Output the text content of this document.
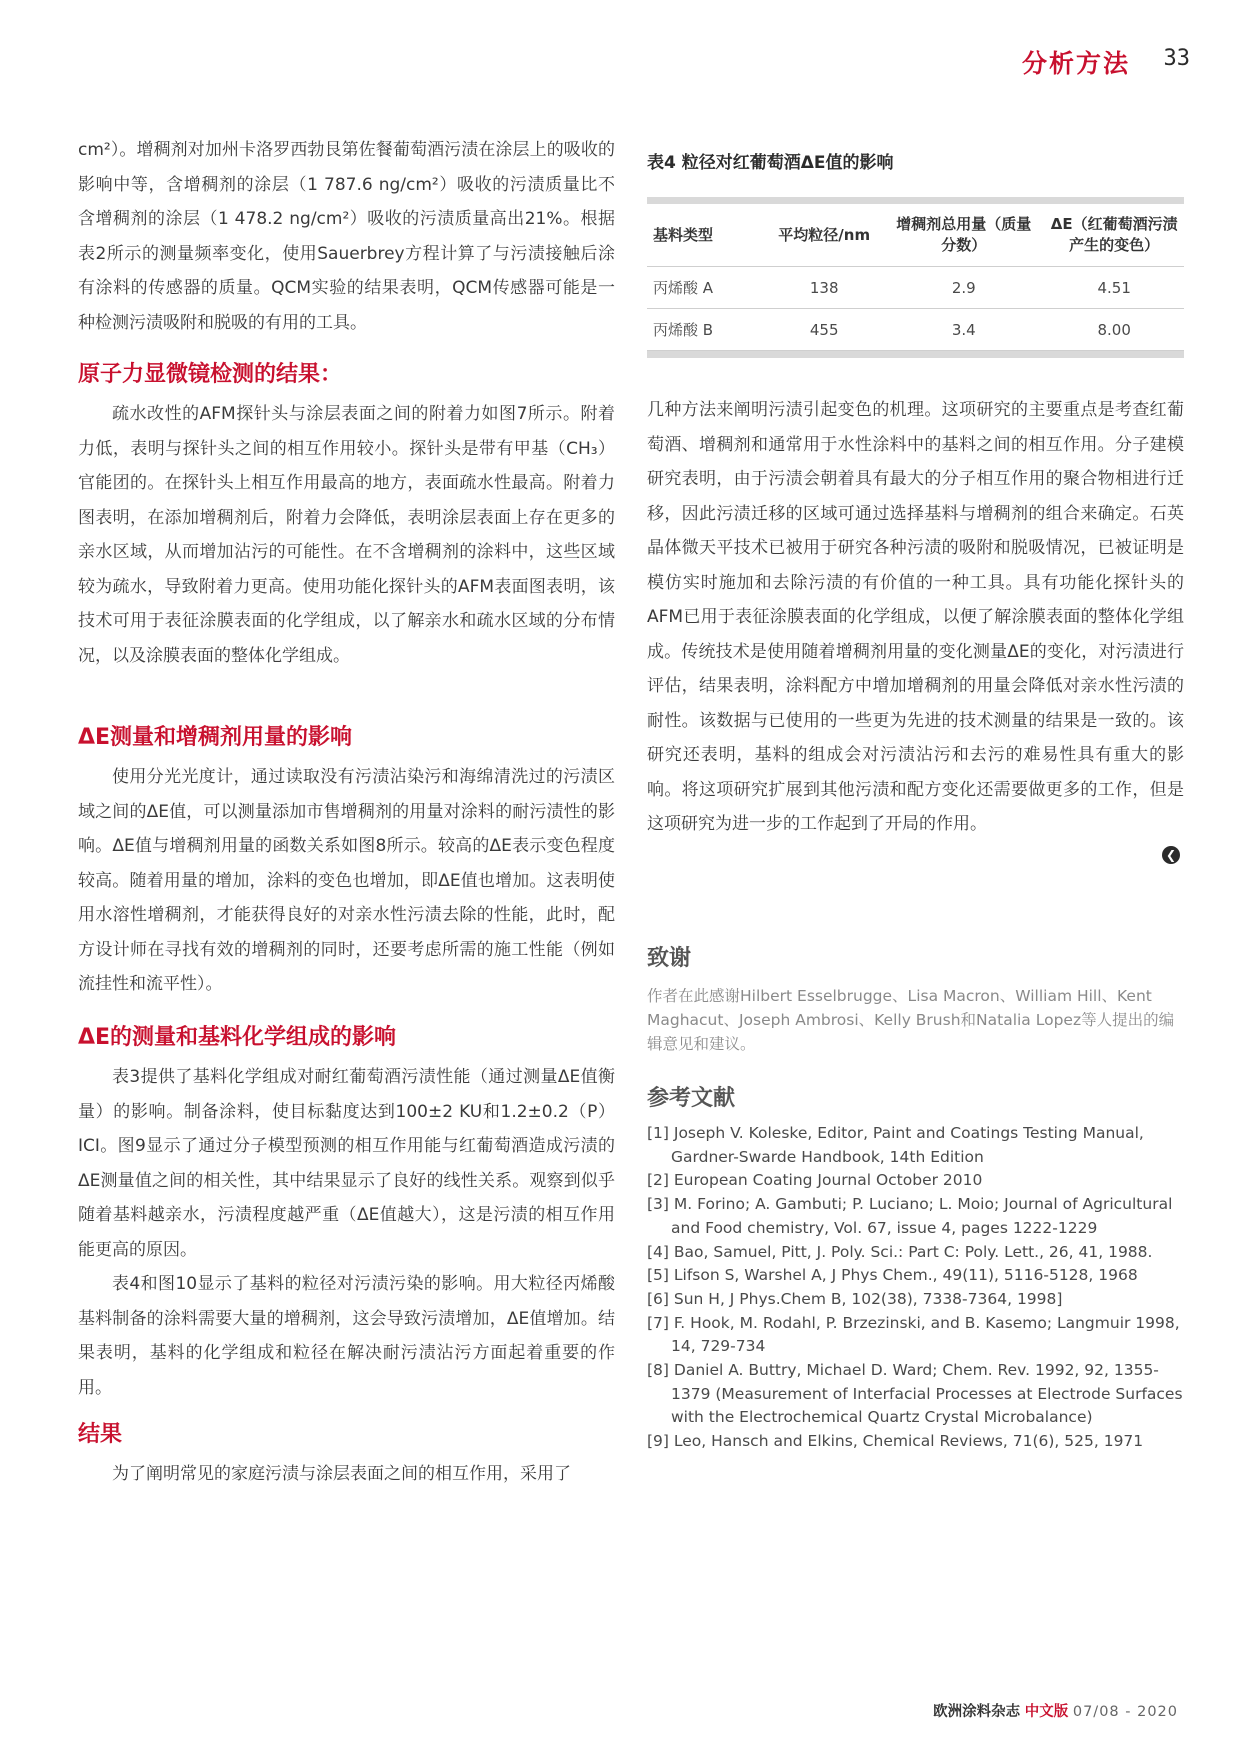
分析方法 33

cm²）。增稠剂对加州卡洛罗西勃艮第佐餐葡萄酒污渍在涂层上的吸收的影响中等，含增稠剂的涂层（1 787.6 ng/cm²）吸收的污渍质量比不含增稠剂的涂层（1 478.2 ng/cm²）吸收的污渍质量高出21%。根据表2所示的测量频率变化，使用Sauerbrey方程计算了与污渍接触后涂有涂料的传感器的质量。QCM实验的结果表明，QCM传感器可能是一种检测污渍吸附和脱吸的有用的工具。

原子力显微镜检测的结果：

疏水改性的AFM探针头与涂层表面之间的附着力如图7所示。附着力低，表明与探针头之间的相互作用较小。探针头是带有甲基（CH₃）官能团的。在探针头上相互作用最高的地方，表面疏水性最高。附着力图表明，在添加增稠剂后，附着力会降低，表明涂层表面上存在更多的亲水区域，从而增加沾污的可能性。在不含增稠剂的涂料中，这些区域较为疏水，导致附着力更高。使用功能化探针头的AFM表面图表明，该技术可用于表征涂膜表面的化学组成，以了解亲水和疏水区域的分布情况，以及涂膜表面的整体化学组成。

ΔE测量和增稠剂用量的影响

使用分光光度计，通过读取没有污渍沾染污和海绵清洗过的污渍区域之间的ΔE值，可以测量添加市售增稠剂的用量对涂料的耐污渍性的影响。ΔE值与增稠剂用量的函数关系如图8所示。较高的ΔE表示变色程度较高。随着用量的增加，涂料的变色也增加，即ΔE值也增加。这表明使用水溶性增稠剂，才能获得良好的对亲水性污渍去除的性能，此时，配方设计师在寻找有效的增稠剂的同时，还要考虑所需的施工性能（例如流挂性和流平性）。

ΔE的测量和基料化学组成的影响

表3提供了基料化学组成对耐红葡萄酒污渍性能（通过测量ΔE值衡量）的影响。制备涂料，使目标黏度达到100±2 KU和1.2±0.2（P）ICI。图9显示了通过分子模型预测的相互作用能与红葡萄酒造成污渍的ΔE测量值之间的相关性，其中结果显示了良好的线性关系。观察到似乎随着基料越亲水，污渍程度越严重（ΔE值越大），这是污渍的相互作用能更高的原因。

表4和图10显示了基料的粒径对污渍污染的影响。用大粒径丙烯酸基料制备的涂料需要大量的增稠剂，这会导致污渍增加，ΔE值增加。结果表明，基料的化学组成和粒径在解决耐污渍沾污方面起着重要的作用。

结果

为了阐明常见的家庭污渍与涂层表面之间的相互作用，采用了

表4 粒径对红葡萄酒ΔE值的影响
基料类型	平均粒径/nm	增稠剂总用量（质量分数）	ΔE（红葡萄酒污渍产生的变色）
丙烯酸 A	138	2.9	4.51
丙烯酸 B	455	3.4	8.00

几种方法来阐明污渍引起变色的机理。这项研究的主要重点是考查红葡萄酒、增稠剂和通常用于水性涂料中的基料之间的相互作用。分子建模研究表明，由于污渍会朝着具有最大的分子相互作用的聚合物相进行迁移，因此污渍迁移的区域可通过选择基料与增稠剂的组合来确定。石英晶体微天平技术已被用于研究各种污渍的吸附和脱吸情况，已被证明是模仿实时施加和去除污渍的有价值的一种工具。具有功能化探针头的AFM已用于表征涂膜表面的化学组成，以便了解涂膜表面的整体化学组成。传统技术是使用随着增稠剂用量的变化测量ΔE的变化，对污渍进行评估，结果表明，涂料配方中增加增稠剂的用量会降低对亲水性污渍的耐性。该数据与已使用的一些更为先进的技术测量的结果是一致的。该研究还表明，基料的组成会对污渍沾污和去污的难易性具有重大的影响。将这项研究扩展到其他污渍和配方变化还需要做更多的工作，但是这项研究为进一步的工作起到了开局的作用。

❮
致谢

作者在此感谢Hilbert Esselbrugge、Lisa Macron、William Hill、Kent Maghacut、Joseph Ambrosi、Kelly Brush和Natalia Lopez等人提出的编辑意见和建议。

参考文献
[1] Joseph V. Koleske, Editor, Paint and Coatings Testing Manual, Gardner-Swarde Handbook, 14th Edition
[2] European Coating Journal October 2010
[3] M. Forino; A. Gambuti; P. Luciano; L. Moio; Journal of Agricultural and Food chemistry, Vol. 67, issue 4, pages 1222-1229
[4] Bao, Samuel, Pitt, J. Poly. Sci.: Part C: Poly. Lett., 26, 41, 1988.
[5] Lifson S, Warshel A, J Phys Chem., 49(11), 5116-5128, 1968
[6] Sun H, J Phys.Chem B, 102(38), 7338-7364, 1998]
[7] F. Hook, M. Rodahl, P. Brzezinski, and B. Kasemo; Langmuir 1998, 14, 729-734
[8] Daniel A. Buttry, Michael D. Ward; Chem. Rev. 1992, 92, 1355-1379 (Measurement of Interfacial Processes at Electrode Surfaces with the Electrochemical Quartz Crystal Microbalance)
[9] Leo, Hansch and Elkins, Chemical Reviews, 71(6), 525, 1971
欧洲涂料杂志 中文版 07/08 - 2020
